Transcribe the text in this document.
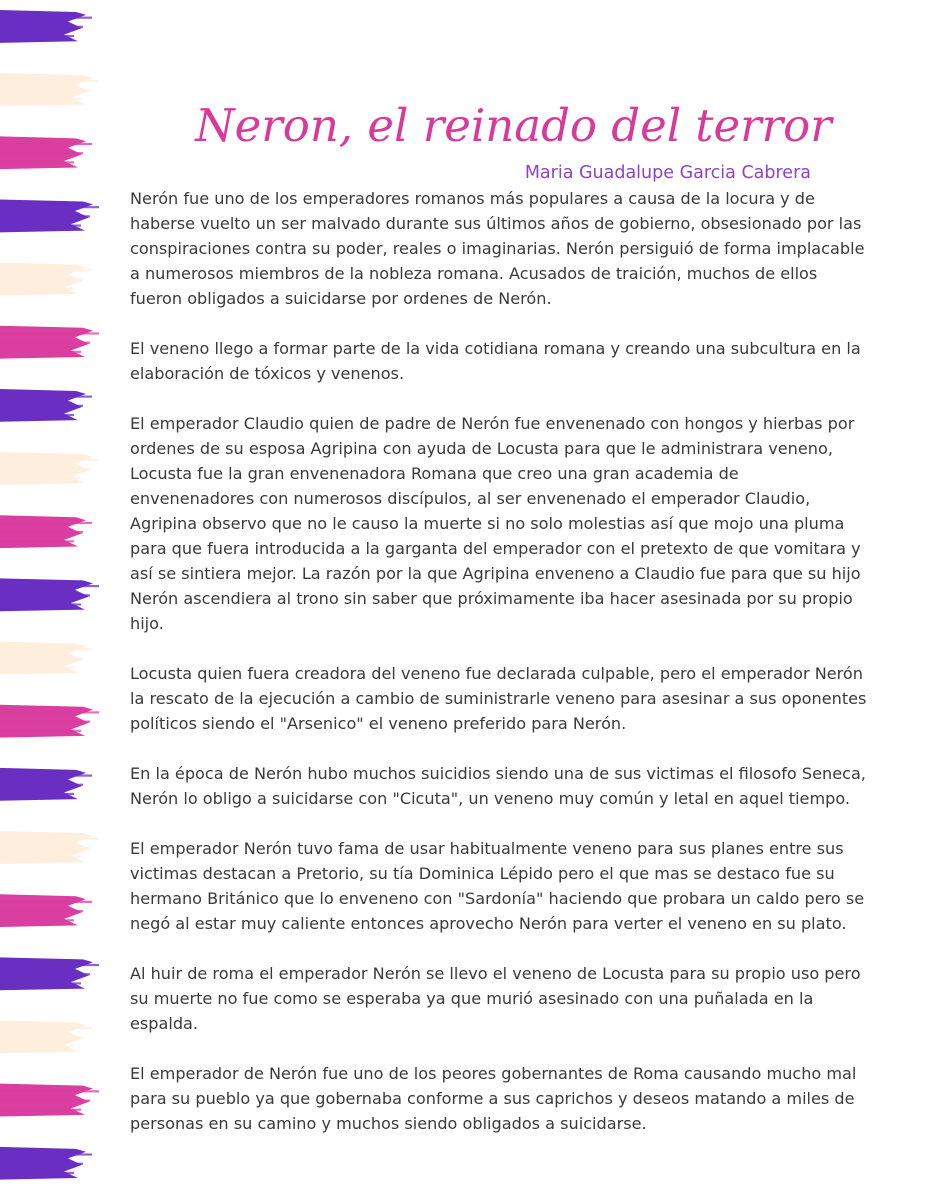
Neron, el reinado del terror
Maria Guadalupe Garcia Cabrera

Nerón fue uno de los emperadores romanos más populares a causa de la locura y de
haberse vuelto un ser malvado durante sus últimos años de gobierno, obsesionado por las
conspiraciones contra su poder, reales o imaginarias. Nerón persiguió de forma implacable
a numerosos miembros de la nobleza romana. Acusados de traición, muchos de ellos
fueron obligados a suicidarse por ordenes de Nerón.

El veneno llego a formar parte de la vida cotidiana romana y creando una subcultura en la
elaboración de tóxicos y venenos.

El emperador Claudio quien de padre de Nerón fue envenenado con hongos y hierbas por
ordenes de su esposa Agripina con ayuda de Locusta para que le administrara veneno,
Locusta fue la gran envenenadora Romana que creo una gran academia de
envenenadores con numerosos discípulos, al ser envenenado el emperador Claudio,
Agripina observo que no le causo la muerte si no solo molestias así que mojo una pluma
para que fuera introducida a la garganta del emperador con el pretexto de que vomitara y
así se sintiera mejor. La razón por la que Agripina enveneno a Claudio fue para que su hijo
Nerón ascendiera al trono sin saber que próximamente iba hacer asesinada por su propio
hijo.

Locusta quien fuera creadora del veneno fue declarada culpable, pero el emperador Nerón
la rescato de la ejecución a cambio de suministrarle veneno para asesinar a sus oponentes
políticos siendo el "Arsenico" el veneno preferido para Nerón.

En la época de Nerón hubo muchos suicidios siendo una de sus victimas el filosofo Seneca,
Nerón lo obligo a suicidarse con "Cicuta", un veneno muy común y letal en aquel tiempo.

El emperador Nerón tuvo fama de usar habitualmente veneno para sus planes entre sus
victimas destacan a Pretorio, su tía Dominica Lépido pero el que mas se destaco fue su
hermano Británico que lo enveneno con "Sardonía" haciendo que probara un caldo pero se
negó al estar muy caliente entonces aprovecho Nerón para verter el veneno en su plato.

Al huir de roma el emperador Nerón se llevo el veneno de Locusta para su propio uso pero
su muerte no fue como se esperaba ya que murió asesinado con una puñalada en la
espalda.

El emperador de Nerón fue uno de los peores gobernantes de Roma causando mucho mal
para su pueblo ya que gobernaba conforme a sus caprichos y deseos matando a miles de
personas en su camino y muchos siendo obligados a suicidarse.
